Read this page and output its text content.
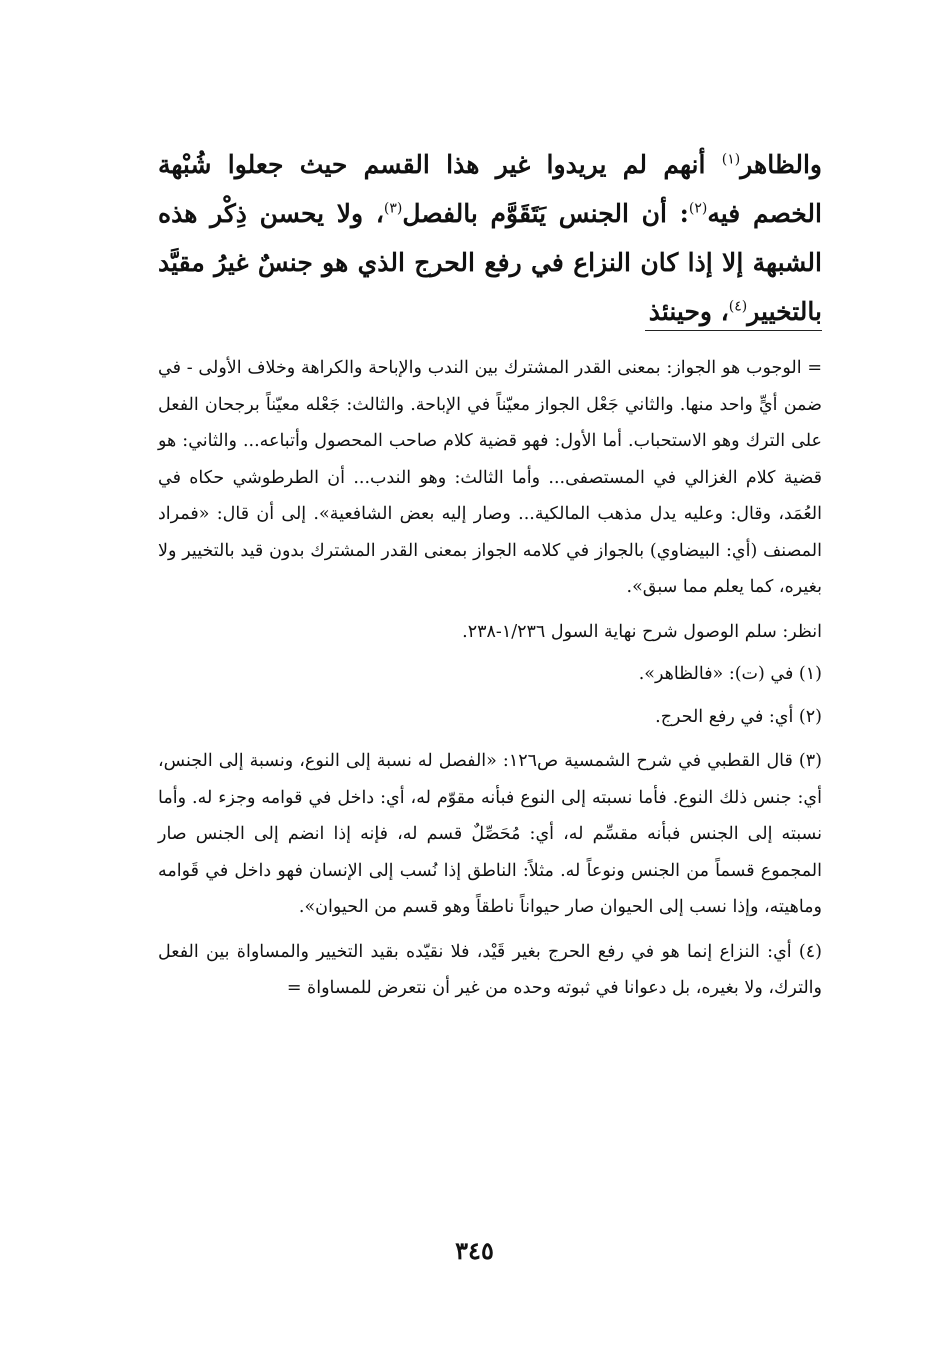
والظاهر$^{(١)}$ أنهم لم يريدوا غير هذا القسم حيث جعلوا شُبْهة الخصم فيه$^{(٢)}$: أن الجنس يَتَقَوَّم بالفصل$^{(٣)}$، ولا يحسن ذِكْر هذه الشبهة إلا إذا كان النزاع في رفع الحرج الذي هو جنسٌ غيرُ مقيَّد بالتخيير$^{(٤)}$، وحينئذ

= الوجوب هو الجواز: بمعنى القدر المشترك بين الندب والإباحة والكراهة وخلاف الأولى - في ضمن أيٍّ واحد منها. والثاني جَعْل الجواز معيّناً في الإباحة. والثالث: جَعْله معيّناً برجحان الفعل على الترك وهو الاستحباب. أما الأول: فهو قضية كلام صاحب المحصول وأتباعه... والثاني: هو قضية كلام الغزالي في المستصفى... وأما الثالث: وهو الندب... أن الطرطوشي حكاه في العُمَد، وقال: وعليه يدل مذهب المالكية... وصار إليه بعض الشافعية». إلى أن قال: «فمراد المصنف (أي: البيضاوي) بالجواز في كلامه الجواز بمعنى القدر المشترك بدون قيد بالتخيير ولا بغيره، كما يعلم مما سبق».

انظر: سلم الوصول شرح نهاية السول ١/٢٣٦-٢٣٨.

(١) في (ت): «فالظاهر».

(٢) أي: في رفع الحرج.

(٣) قال القطبي في شرح الشمسية ص١٢٦: «الفصل له نسبة إلى النوع، ونسبة إلى الجنس، أي: جنس ذلك النوع. فأما نسبته إلى النوع فبأنه مقوّم له، أي: داخل في قوامه وجزء له. وأما نسبته إلى الجنس فبأنه مقسِّم له، أي: مُحَصِّلٌ قسم له، فإنه إذا انضم إلى الجنس صار المجموع قسماً من الجنس ونوعاً له. مثلاً: الناطق إذا نُسب إلى الإنسان فهو داخل في قَوامه وماهيته، وإذا نسب إلى الحيوان صار حيواناً ناطقاً وهو قسم من الحيوان».

(٤) أي: النزاع إنما هو في رفع الحرج بغير قَيْد، فلا نقيّده بقيد التخيير والمساواة بين الفعل والترك، ولا بغيره، بل دعوانا في ثبوته وحده من غير أن نتعرض للمساواة =

٣٤٥
